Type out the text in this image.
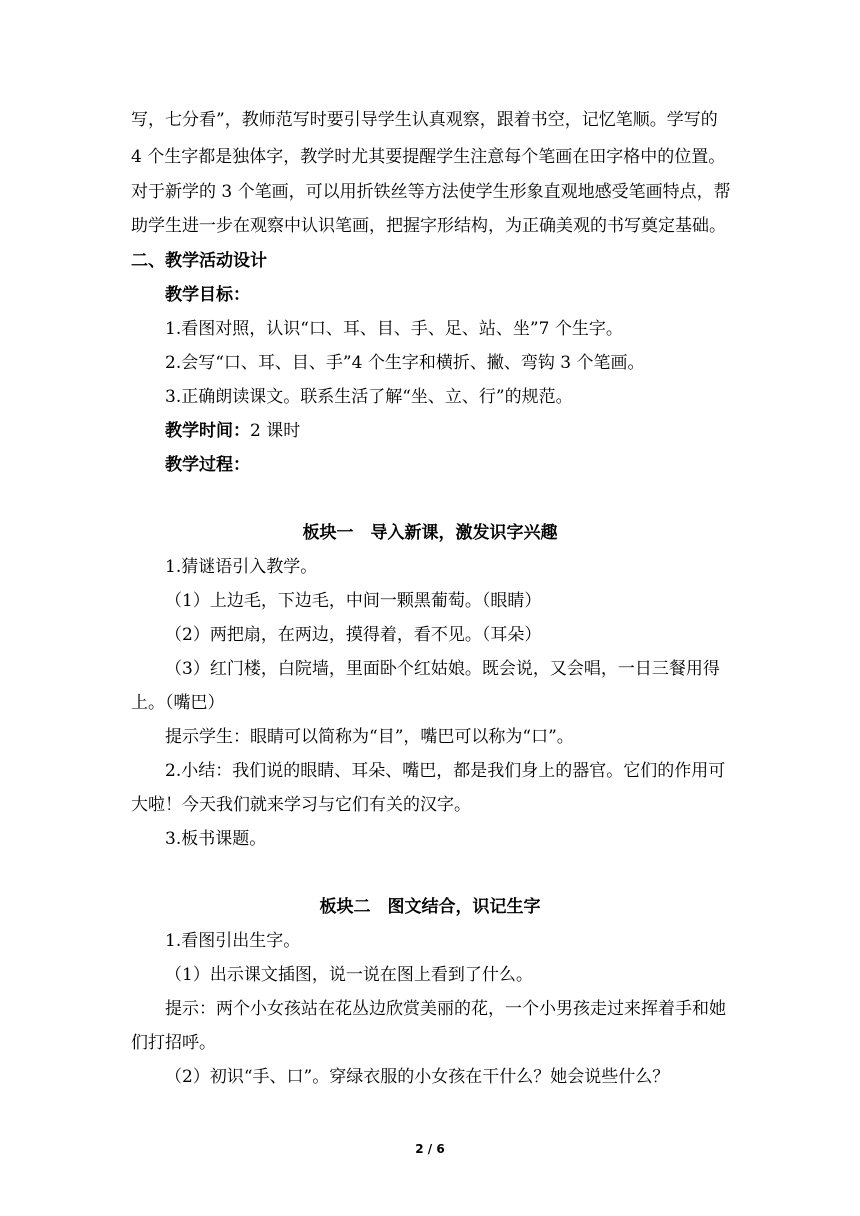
写，七分看”，教师范写时要引导学生认真观察，跟着书空，记忆笔顺。学写的
4 个生字都是独体字，教学时尤其要提醒学生注意每个笔画在田字格中的位置。
对于新学的 3 个笔画，可以用折铁丝等方法使学生形象直观地感受笔画特点，帮
助学生进一步在观察中认识笔画，把握字形结构，为正确美观的书写奠定基础。
二、教学活动设计
教学目标：
1.看图对照，认识“口、耳、目、手、足、站、坐”7 个生字。
2.会写“口、耳、目、手”4 个生字和横折、撇、弯钩 3 个笔画。
3.正确朗读课文。联系生活了解“坐、立、行”的规范。
教学时间：2 课时
教学过程：
板块一　导入新课，激发识字兴趣
1.猜谜语引入教学。
（1）上边毛，下边毛，中间一颗黑葡萄。（眼睛）
（2）两把扇，在两边，摸得着，看不见。（耳朵）
（3）红门楼，白院墙，里面卧个红姑娘。既会说，又会唱，一日三餐用得
上。（嘴巴）
提示学生：眼睛可以简称为“目”，嘴巴可以称为“口”。
2.小结：我们说的眼睛、耳朵、嘴巴，都是我们身上的器官。它们的作用可
大啦！今天我们就来学习与它们有关的汉字。
3.板书课题。
板块二　图文结合，识记生字
1.看图引出生字。
（1）出示课文插图，说一说在图上看到了什么。
提示：两个小女孩站在花丛边欣赏美丽的花，一个小男孩走过来挥着手和她
们打招呼。
（2）初识“手、口”。穿绿衣服的小女孩在干什么？她会说些什么？
2 / 6
